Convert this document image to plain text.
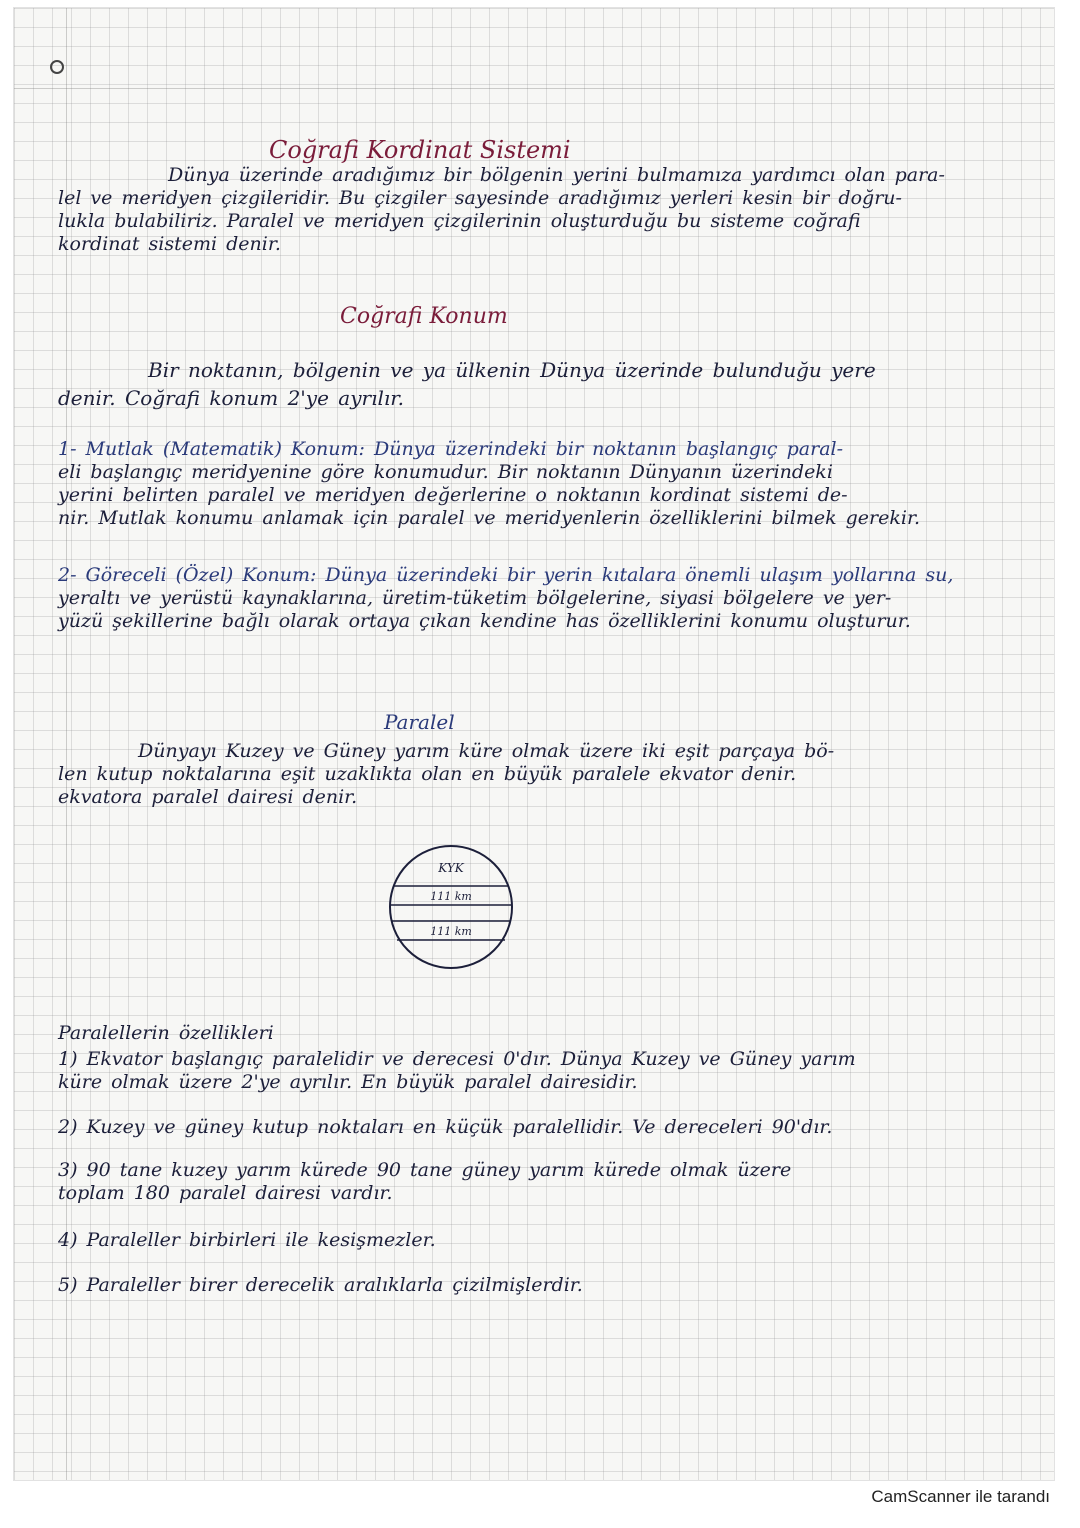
Coğrafi Kordinat Sistemi
Dünya üzerinde aradığımız bir bölgenin yerini bulmamıza yardımcı olan para-
lel ve meridyen çizgileridir. Bu çizgiler sayesinde aradığımız yerleri kesin bir doğru-
lukla bulabiliriz. Paralel ve meridyen çizgilerinin oluşturduğu bu sisteme coğrafi
kordinat sistemi denir.
Coğrafi Konum
Bir noktanın, bölgenin ve ya ülkenin Dünya üzerinde bulunduğu yere
denir. Coğrafi konum 2'ye ayrılır.
1- Mutlak (Matematik) Konum: Dünya üzerindeki bir noktanın başlangıç paral-
eli başlangıç meridyenine göre konumudur. Bir noktanın Dünyanın üzerindeki
yerini belirten paralel ve meridyen değerlerine o noktanın kordinat sistemi de-
nir. Mutlak konumu anlamak için paralel ve meridyenlerin özelliklerini bilmek gerekir.
2- Göreceli (Özel) Konum: Dünya üzerindeki bir yerin kıtalara önemli ulaşım yollarına su,
yeraltı ve yerüstü kaynaklarına, üretim-tüketim bölgelerine, siyasi bölgelere ve yer-
yüzü şekillerine bağlı olarak ortaya çıkan kendine has özelliklerini konumu oluşturur.
Paralel
Dünyayı Kuzey ve Güney yarım küre olmak üzere iki eşit parçaya bö-
len kutup noktalarına eşit uzaklıkta olan en büyük paralele ekvator denir.
ekvatora paralel dairesi denir.
KYK
111 km
111 km
Paralellerin özellikleri
1) Ekvator başlangıç paralelidir ve derecesi 0'dır. Dünya Kuzey ve Güney yarım
küre olmak üzere 2'ye ayrılır. En büyük paralel dairesidir.
2) Kuzey ve güney kutup noktaları en küçük paralellidir. Ve dereceleri 90'dır.
3) 90 tane kuzey yarım kürede 90 tane güney yarım kürede olmak üzere
toplam 180 paralel dairesi vardır.
4) Paraleller birbirleri ile kesişmezler.
5) Paraleller birer derecelik aralıklarla çizilmişlerdir.
CamScanner ile tarandı
